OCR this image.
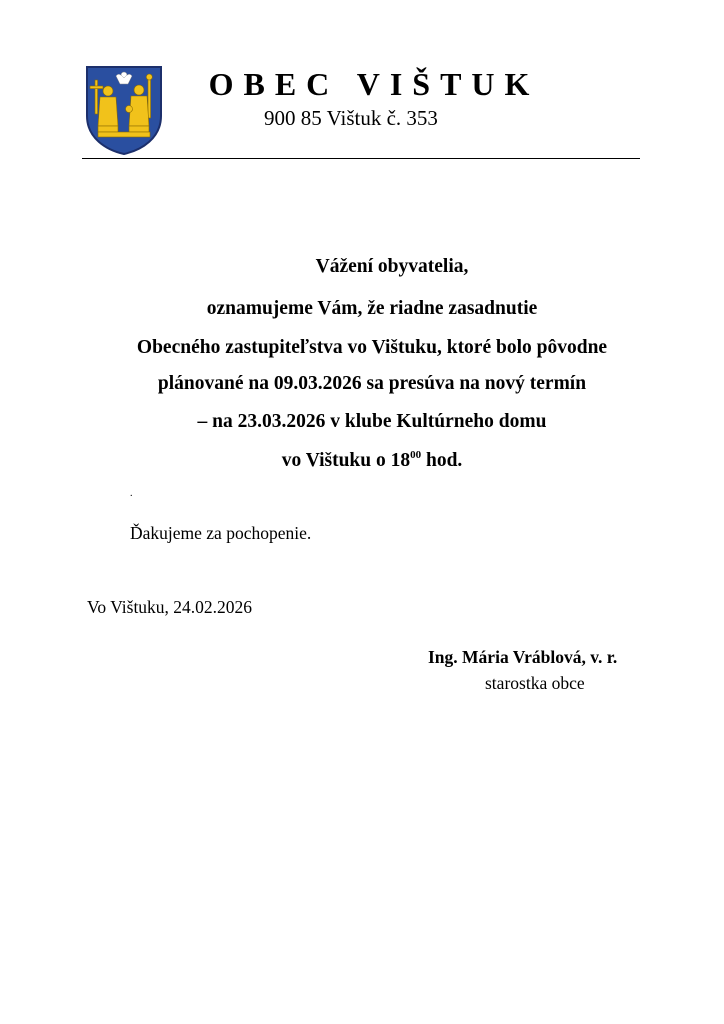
OBEC VIŠTUK
900 85 Vištuk č. 353
Vážení obyvatelia,
oznamujeme Vám, že riadne zasadnutie
Obecného zastupiteľstva vo Vištuku, ktoré bolo pôvodne
plánované na 09.03.2026 sa presúva na nový termín
– na 23.03.2026 v klube Kultúrneho domu
vo Vištuku o $18^{00}$ hod.
.
Ďakujeme za pochopenie.
Vo Vištuku, 24.02.2026
Ing. Mária Vráblová, v. r.
starostka obce
